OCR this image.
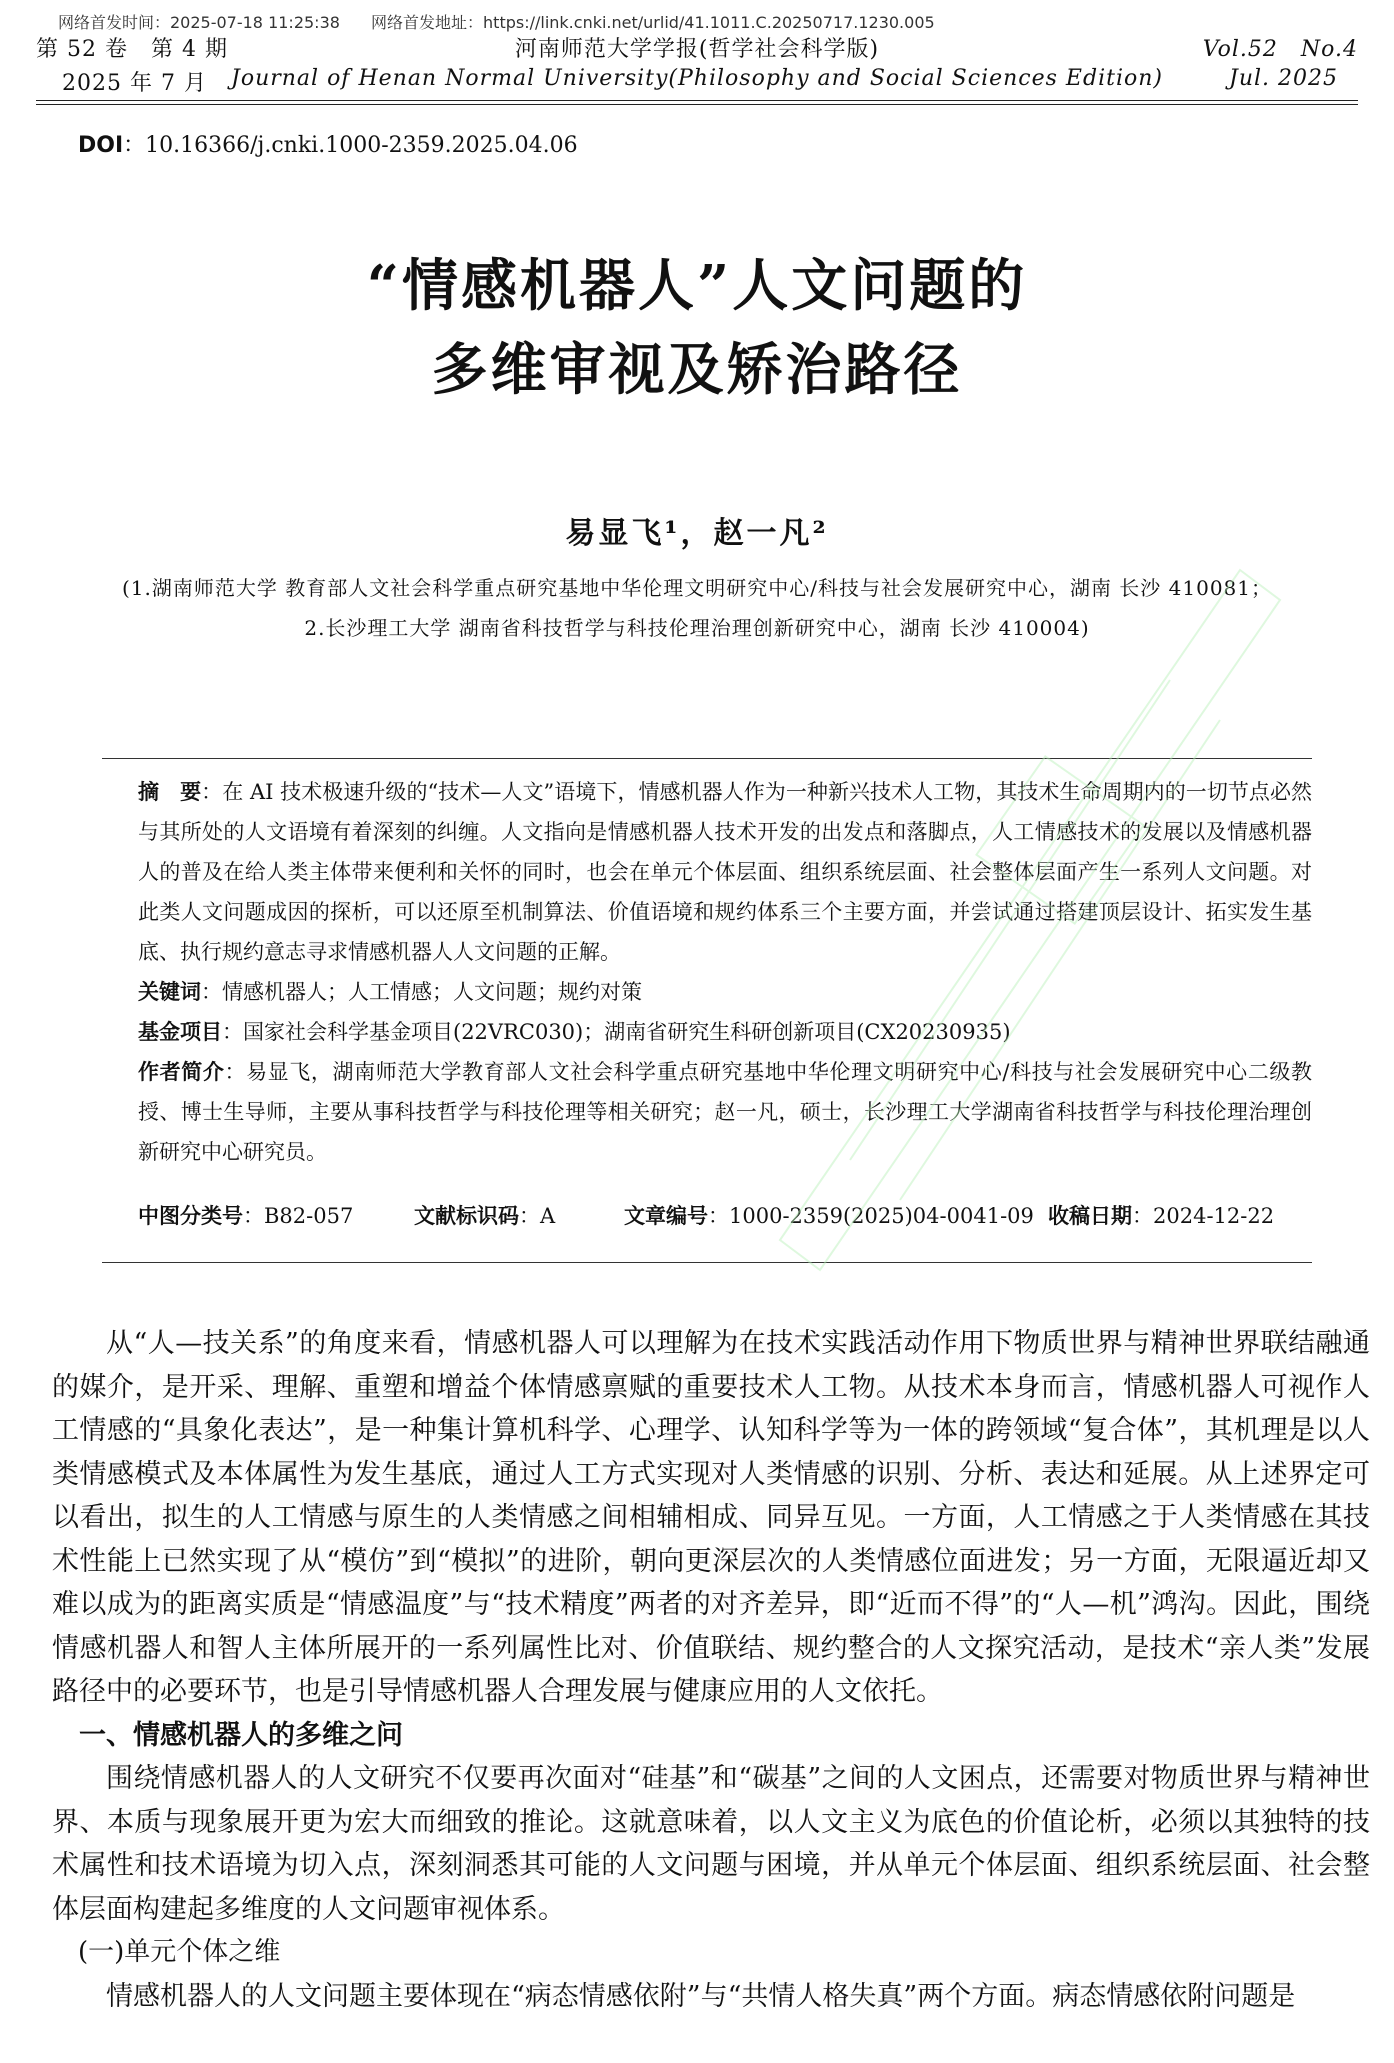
网络首发时间：2025-07-18 11:25:38 网络首发地址：https://link.cnki.net/urlid/41.1011.C.20250717.1230.005
第 52 卷　第 4 期	河南师范大学学报(哲学社会科学版)	Vol.52　No.4
2025 年 7 月	Journal of Henan Normal University(Philosophy and Social Sciences Edition)	Jul. 2025
DOI：10.16366/j.cnki.1000-2359.2025.04.06
“情感机器人”人文问题的
多维审视及矫治路径
易显飞¹，赵一凡²
(1.湖南师范大学 教育部人文社会科学重点研究基地中华伦理文明研究中心/科技与社会发展研究中心，湖南 长沙 410081；
2.长沙理工大学 湖南省科技哲学与科技伦理治理创新研究中心，湖南 长沙 410004)

摘　要：在 AI 技术极速升级的“技术—人文”语境下，情感机器人作为一种新兴技术人工物，其技术生命周期内的一切节点必然与其所处的人文语境有着深刻的纠缠。人文指向是情感机器人技术开发的出发点和落脚点，人工情感技术的发展以及情感机器人的普及在给人类主体带来便利和关怀的同时，也会在单元个体层面、组织系统层面、社会整体层面产生一系列人文问题。对此类人文问题成因的探析，可以还原至机制算法、价值语境和规约体系三个主要方面，并尝试通过搭建顶层设计、拓实发生基底、执行规约意志寻求情感机器人人文问题的正解。

关键词：情感机器人；人工情感；人文问题；规约对策

基金项目：国家社会科学基金项目(22VRC030)；湖南省研究生科研创新项目(CX20230935)

作者简介：易显飞，湖南师范大学教育部人文社会科学重点研究基地中华伦理文明研究中心/科技与社会发展研究中心二级教授、博士生导师，主要从事科技哲学与科技伦理等相关研究；赵一凡，硕士，长沙理工大学湖南省科技哲学与科技伦理治理创新研究中心研究员。

中图分类号：B82-057	文献标识码：A	文章编号：1000-2359(2025)04-0041-09 收稿日期：2024-12-22

从“人—技关系”的角度来看，情感机器人可以理解为在技术实践活动作用下物质世界与精神世界联结融通的媒介，是开采、理解、重塑和增益个体情感禀赋的重要技术人工物。从技术本身而言，情感机器人可视作人工情感的“具象化表达”，是一种集计算机科学、心理学、认知科学等为一体的跨领域“复合体”，其机理是以人类情感模式及本体属性为发生基底，通过人工方式实现对人类情感的识别、分析、表达和延展。从上述界定可以看出，拟生的人工情感与原生的人类情感之间相辅相成、同异互见。一方面，人工情感之于人类情感在其技术性能上已然实现了从“模仿”到“模拟”的进阶，朝向更深层次的人类情感位面进发；另一方面，无限逼近却又难以成为的距离实质是“情感温度”与“技术精度”两者的对齐差异，即“近而不得”的“人—机”鸿沟。因此，围绕情感机器人和智人主体所展开的一系列属性比对、价值联结、规约整合的人文探究活动，是技术“亲人类”发展路径中的必要环节，也是引导情感机器人合理发展与健康应用的人文依托。

一、情感机器人的多维之问

围绕情感机器人的人文研究不仅要再次面对“硅基”和“碳基”之间的人文困点，还需要对物质世界与精神世界、本质与现象展开更为宏大而细致的推论。这就意味着，以人文主义为底色的价值论析，必须以其独特的技术属性和技术语境为切入点，深刻洞悉其可能的人文问题与困境，并从单元个体层面、组织系统层面、社会整体层面构建起多维度的人文问题审视体系。

(一)单元个体之维

情感机器人的人文问题主要体现在“病态情感依附”与“共情人格失真”两个方面。病态情感依附问题是
